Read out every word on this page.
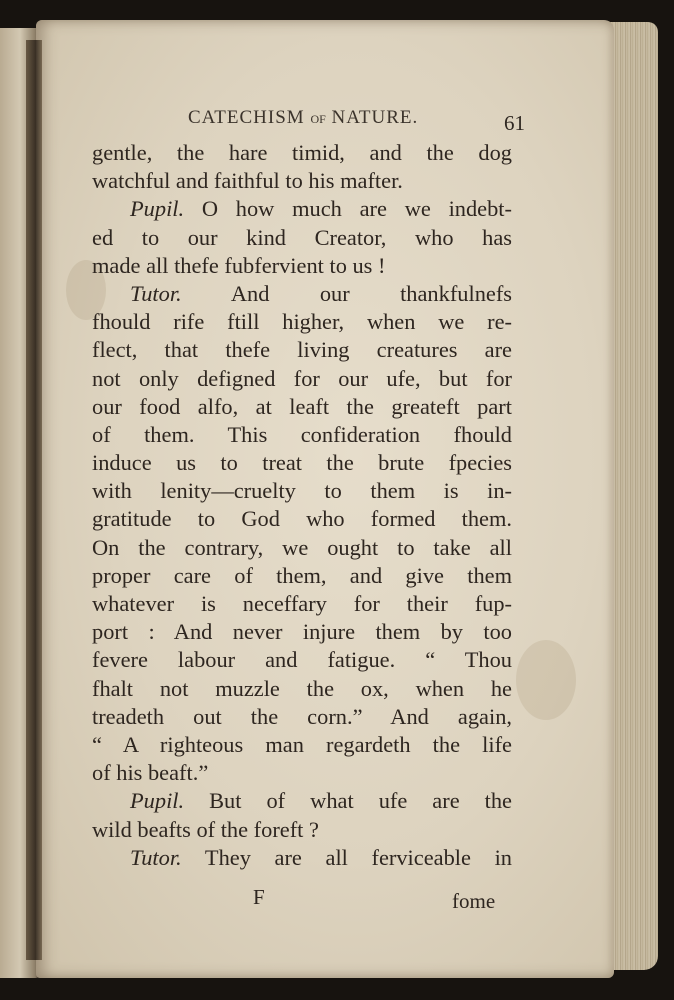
CATECHISM OF NATURE.	61
gentle, the hare timid, and the dog
watchful and faithful to his mafter.
Pupil. O how much are we indebt-
ed to our kind Creator, who has
made all thefe fubfervient to us !
Tutor. And our thankfulnefs
fhould rife ftill higher, when we re-
flect, that thefe living creatures are
not only defigned for our ufe, but for
our food alfo, at leaft the greateft part
of them. This confideration fhould
induce us to treat the brute fpecies
with lenity—cruelty to them is in-
gratitude to God who formed them.
On the contrary, we ought to take all
proper care of them, and give them
whatever is neceffary for their fup-
port : And never injure them by too
fevere labour and fatigue. “ Thou
fhalt not muzzle the ox, when he
treadeth out the corn.” And again,
“ A righteous man regardeth the life
of his beaft.”
Pupil. But of what ufe are the
wild beafts of the foreft ?
Tutor. They are all ferviceable in
F	fome
